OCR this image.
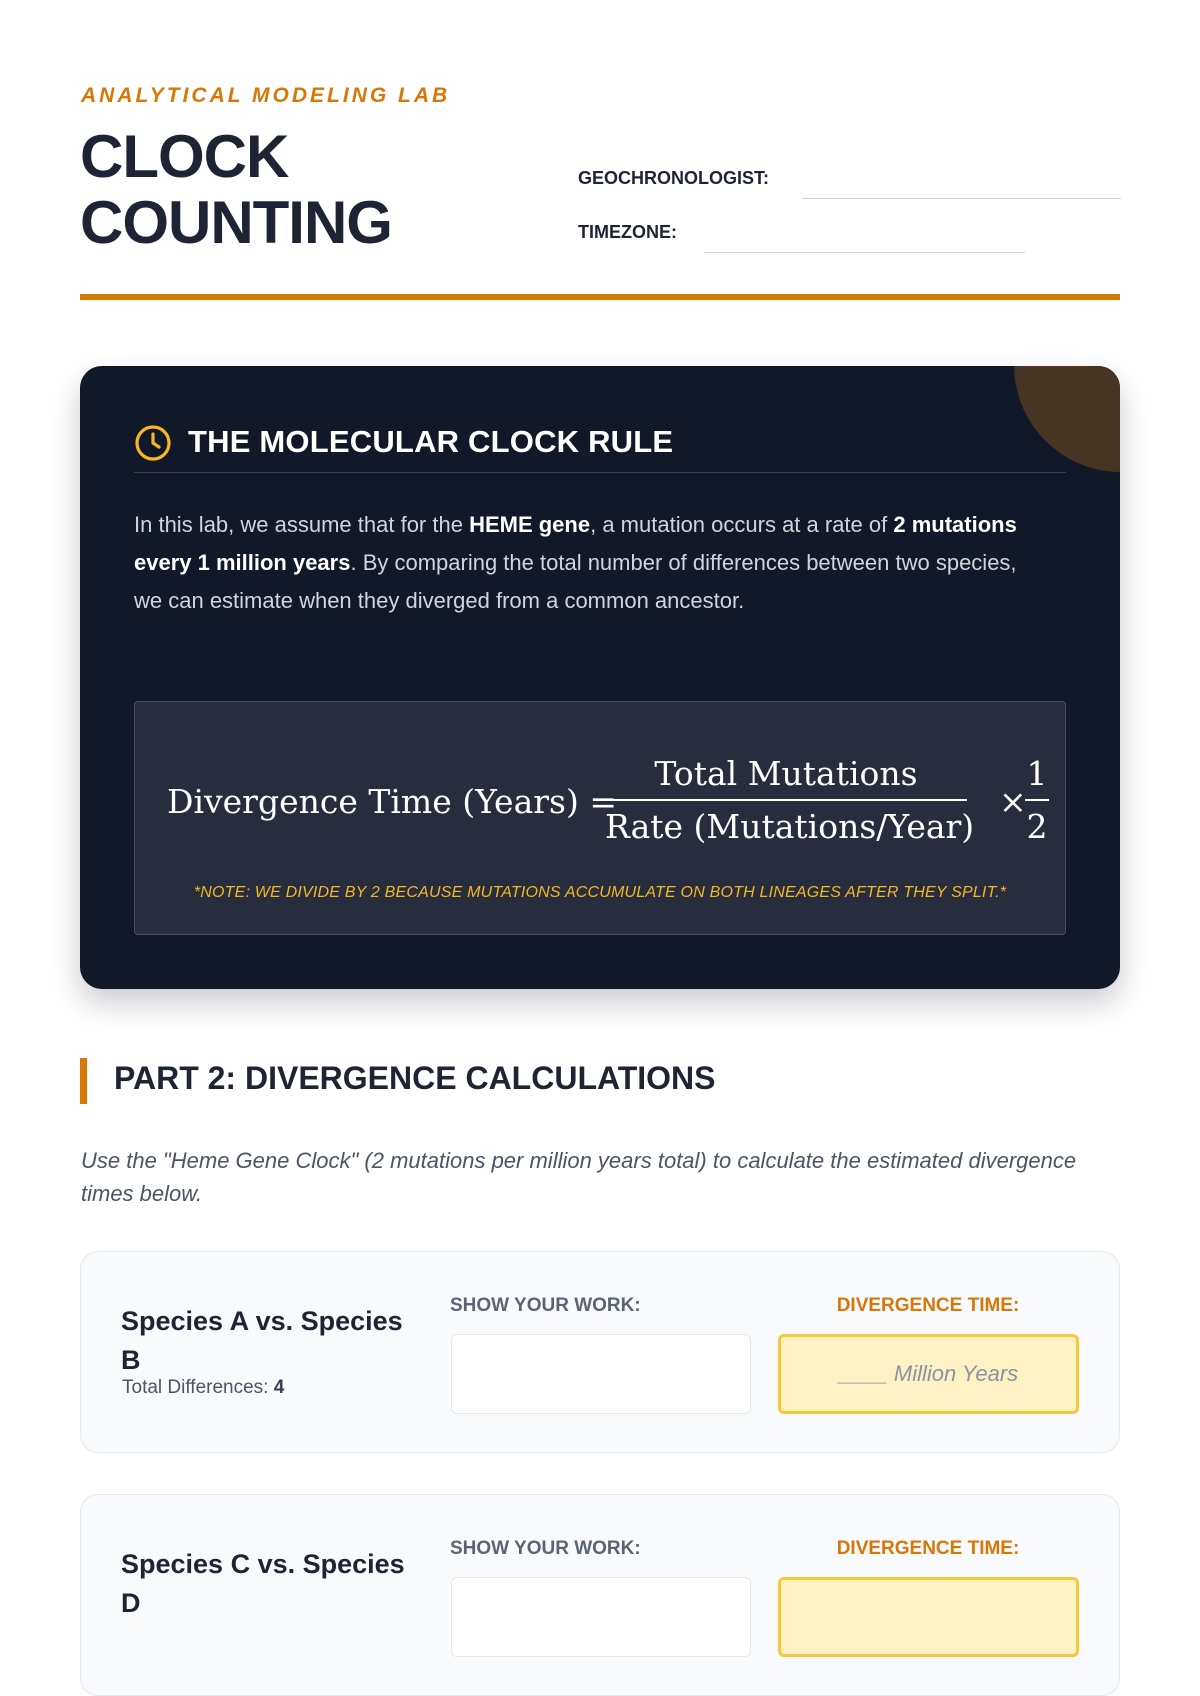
ANALYTICAL MODELING LAB
CLOCK
COUNTING
GEOCHRONOLOGIST:
TIMEZONE:
THE MOLECULAR CLOCK RULE

In this lab, we assume that for the HEME gene, a mutation occurs at a rate of 2 mutations every 1 million years. By comparing the total number of differences between two species, we can estimate when they diverged from a common ancestor.

Divergence Time (Years) =
Total Mutations
Rate (Mutations/Year)
×
1
2
*NOTE: WE DIVIDE BY 2 BECAUSE MUTATIONS ACCUMULATE ON BOTH LINEAGES AFTER THEY SPLIT.*
PART 2: DIVERGENCE CALCULATIONS

Use the "Heme Gene Clock" (2 mutations per million years total) to calculate the estimated divergence times below.

Species A vs. Species B
Total Differences: 4
SHOW YOUR WORK:	DIVERGENCE TIME:
____ Million Years
Species C vs. Species D
SHOW YOUR WORK:	DIVERGENCE TIME:
